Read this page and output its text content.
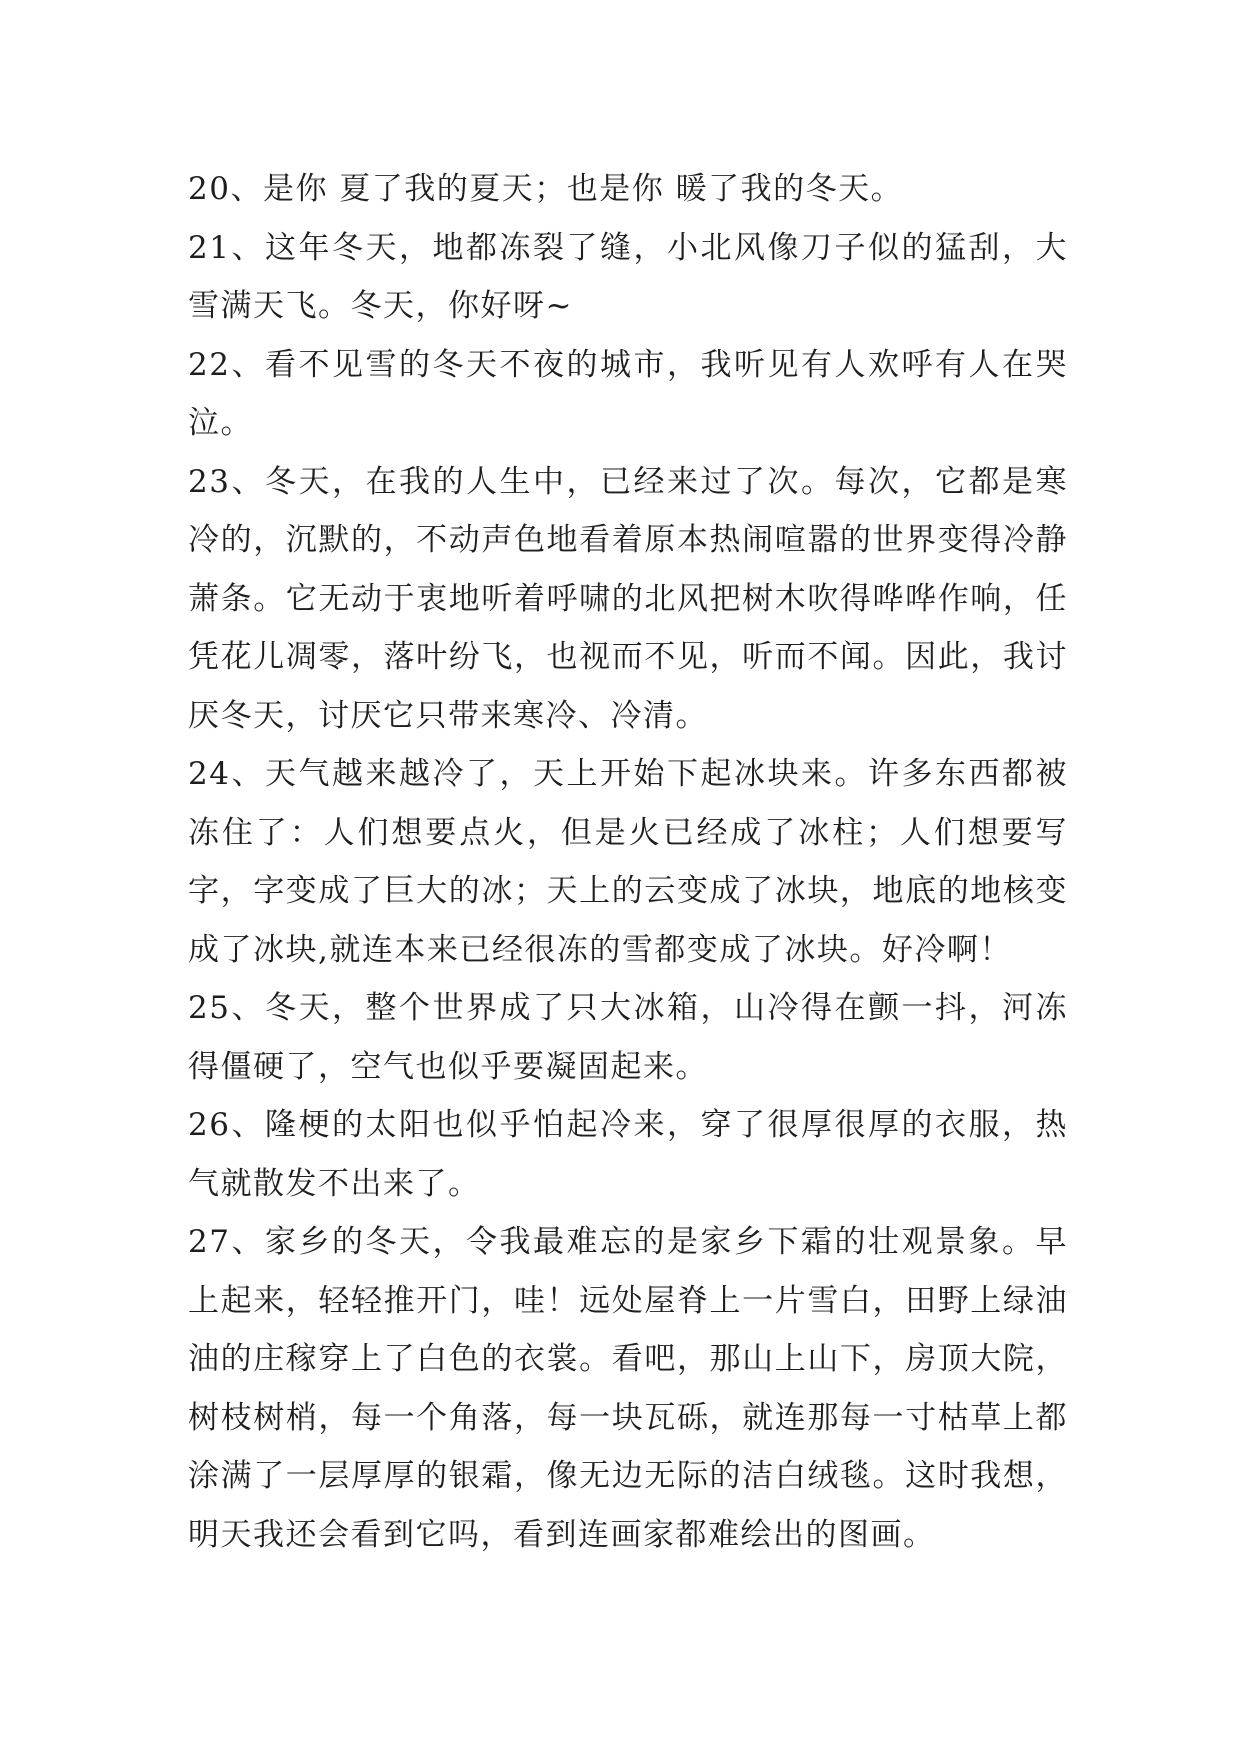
20、是你 夏了我的夏天；也是你 暖了我的冬天。

21、这年冬天，地都冻裂了缝，小北风像刀子似的猛刮，大雪满天飞。冬天，你好呀~

22、看不见雪的冬天不夜的城市，我听见有人欢呼有人在哭泣。

23、冬天，在我的人生中，已经来过了次。每次，它都是寒冷的，沉默的，不动声色地看着原本热闹喧嚣的世界变得冷静萧条。它无动于衷地听着呼啸的北风把树木吹得哗哗作响，任凭花儿凋零，落叶纷飞，也视而不见，听而不闻。因此，我讨厌冬天，讨厌它只带来寒冷、冷清。

24、天气越来越冷了，天上开始下起冰块来。许多东西都被冻住了：人们想要点火，但是火已经成了冰柱；人们想要写字，字变成了巨大的冰；天上的云变成了冰块，地底的地核变成了冰块,就连本来已经很冻的雪都变成了冰块。好冷啊！

25、冬天，整个世界成了只大冰箱，山冷得在颤一抖，河冻得僵硬了，空气也似乎要凝固起来。

26、隆梗的太阳也似乎怕起冷来，穿了很厚很厚的衣服，热气就散发不出来了。

27、家乡的冬天，令我最难忘的是家乡下霜的壮观景象。早上起来，轻轻推开门，哇！远处屋脊上一片雪白，田野上绿油油的庄稼穿上了白色的衣裳。看吧，那山上山下，房顶大院，树枝树梢，每一个角落，每一块瓦砾，就连那每一寸枯草上都涂满了一层厚厚的银霜，像无边无际的洁白绒毯。这时我想，明天我还会看到它吗，看到连画家都难绘出的图画。
